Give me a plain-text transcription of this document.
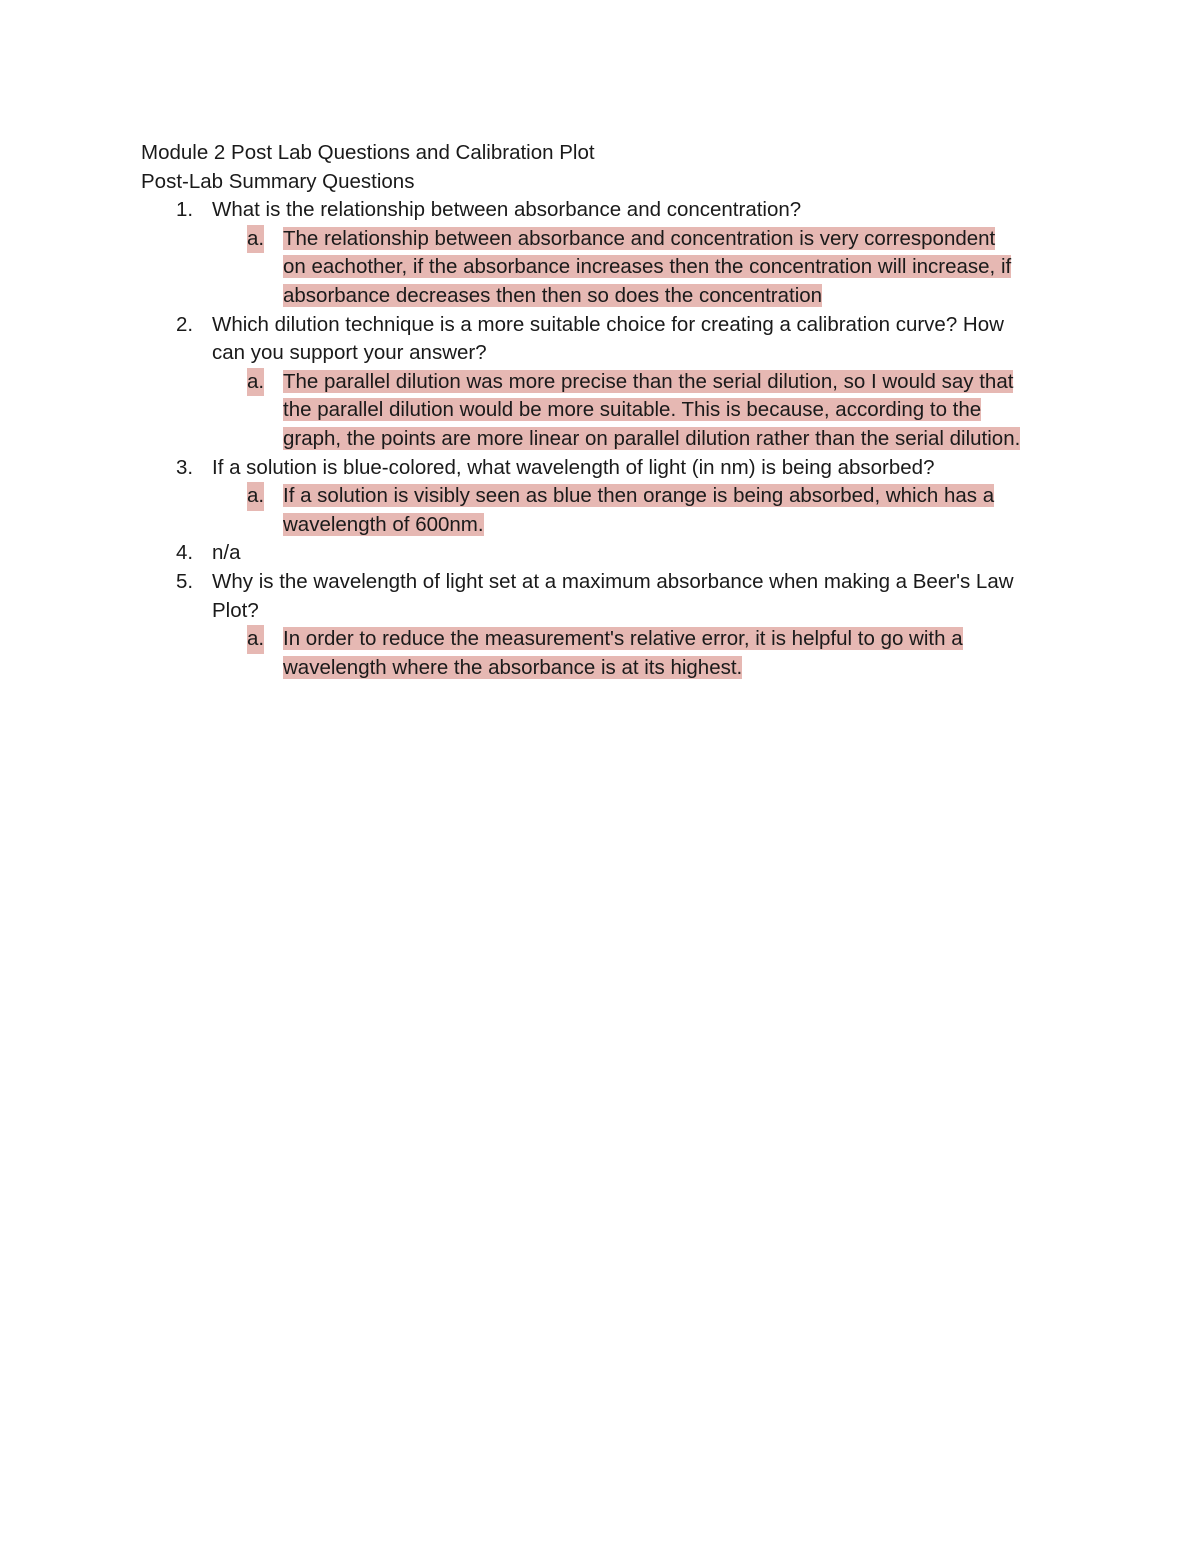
Module 2 Post Lab Questions and Calibration Plot

Post-Lab Summary Questions

1. What is the relationship between absorbance and concentration?
a. The relationship between absorbance and concentration is very correspondent
on eachother, if the absorbance increases then the concentration will increase, if
absorbance decreases then then so does the concentration
2. Which dilution technique is a more suitable choice for creating a calibration curve? How
can you support your answer?
a. The parallel dilution was more precise than the serial dilution, so I would say that
the parallel dilution would be more suitable. This is because, according to the
graph, the points are more linear on parallel dilution rather than the serial dilution.
3. If a solution is blue-colored, what wavelength of light (in nm) is being absorbed?
a. If a solution is visibly seen as blue then orange is being absorbed, which has a
wavelength of 600nm.
4. n/a
5. Why is the wavelength of light set at a maximum absorbance when making a Beer's Law
Plot?
a. In order to reduce the measurement's relative error, it is helpful to go with a
wavelength where the absorbance is at its highest.
